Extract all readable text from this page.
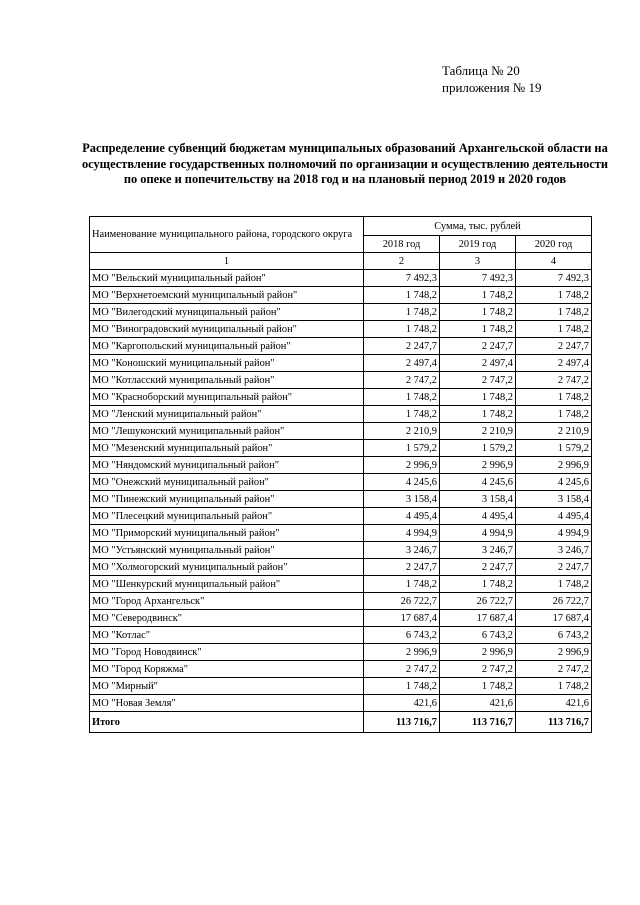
Таблица № 20
приложения № 19
Распределение субвенций бюджетам муниципальных образований Архангельской области на осуществление государственных полномочий по организации и осуществлению деятельности по опеке и попечительству на 2018 год и на плановый период 2019 и 2020 годов
Наименование муниципального района, городского округа	Сумма, тыс. рублей		
	2018 год	2019 год	2020 год
1	2	3	4
МО "Вельский муниципальный район"	7 492,3	7 492,3	7 492,3
МО "Верхнетоемский муниципальный район"	1 748,2	1 748,2	1 748,2
МО "Вилегодский муниципальный район"	1 748,2	1 748,2	1 748,2
МО "Виноградовский муниципальный район"	1 748,2	1 748,2	1 748,2
МО "Каргопольский муниципальный район"	2 247,7	2 247,7	2 247,7
МО "Коношский муниципальный район"	2 497,4	2 497,4	2 497,4
МО "Котласский муниципальный район"	2 747,2	2 747,2	2 747,2
МО "Красноборский муниципальный район"	1 748,2	1 748,2	1 748,2
МО "Ленский муниципальный район"	1 748,2	1 748,2	1 748,2
МО "Лешуконский муниципальный район"	2 210,9	2 210,9	2 210,9
МО "Мезенский муниципальный район"	1 579,2	1 579,2	1 579,2
МО "Няндомский муниципальный район"	2 996,9	2 996,9	2 996,9
МО "Онежский муниципальный район"	4 245,6	4 245,6	4 245,6
МО "Пинежский муниципальный район"	3 158,4	3 158,4	3 158,4
МО "Плесецкий муниципальный район"	4 495,4	4 495,4	4 495,4
МО "Приморский муниципальный район"	4 994,9	4 994,9	4 994,9
МО "Устьянский муниципальный район"	3 246,7	3 246,7	3 246,7
МО "Холмогорский муниципальный район"	2 247,7	2 247,7	2 247,7
МО "Шенкурский муниципальный район"	1 748,2	1 748,2	1 748,2
МО "Город Архангельск"	26 722,7	26 722,7	26 722,7
МО "Северодвинск"	17 687,4	17 687,4	17 687,4
МО "Котлас"	6 743,2	6 743,2	6 743,2
МО "Город Новодвинск"	2 996,9	2 996,9	2 996,9
МО "Город Коряжма"	2 747,2	2 747,2	2 747,2
МО "Мирный"	1 748,2	1 748,2	1 748,2
МО "Новая Земля"	421,6	421,6	421,6
Итого	113 716,7	113 716,7	113 716,7
